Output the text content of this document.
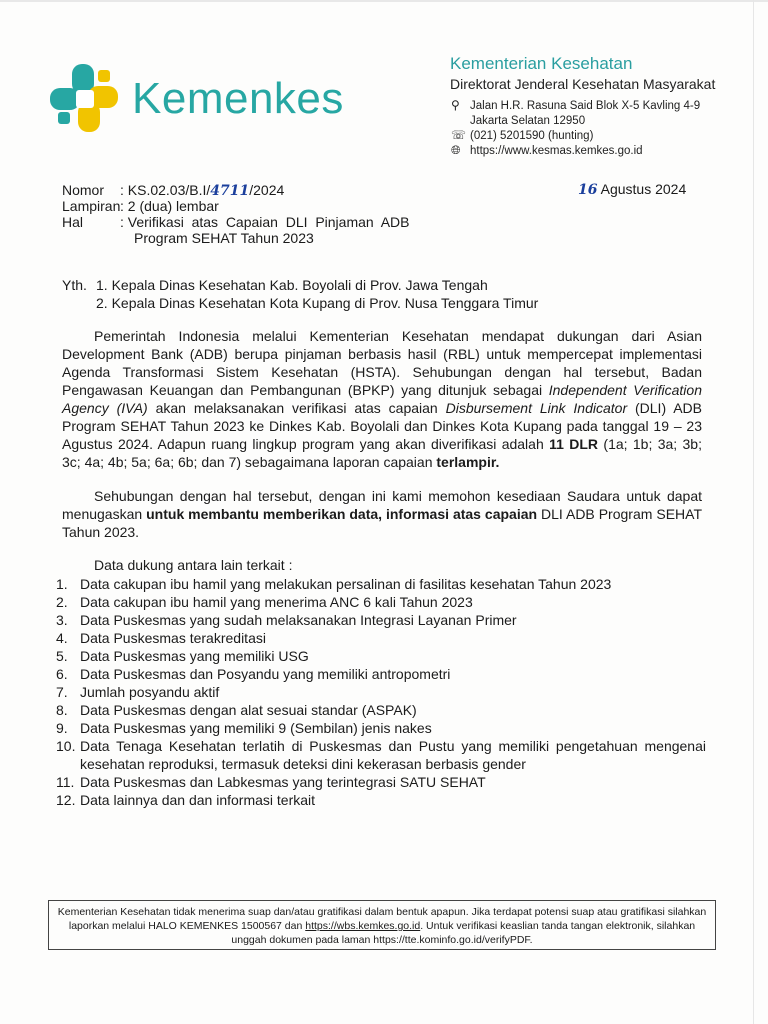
Kemenkes
Kementerian Kesehatan
Direktorat Jenderal Kesehatan Masyarakat
⚲ Jalan H.R. Rasuna Said Blok X-5 Kavling 4-9
Jakarta Selatan 12950
☏ (021) 5201590 (hunting)
🌐︎ https://www.kesmas.kemkes.go.id
Nomor : KS.02.03/B.I/4711/2024	16 Agustus 2024
Lampiran : 2 (dua) lembar
Hal	: Verifikasi  atas  Capaian  DLI  Pinjaman  ADB
Program SEHAT Tahun 2023
Yth. 1. Kepala Dinas Kesehatan Kab. Boyolali di Prov. Jawa Tengah
2. Kepala Dinas Kesehatan Kota Kupang di Prov. Nusa Tenggara Timur
Pemerintah Indonesia melalui Kementerian Kesehatan mendapat dukungan dari Asian Development Bank (ADB) berupa pinjaman berbasis hasil (RBL) untuk mempercepat implementasi Agenda Transformasi Sistem Kesehatan (HSTA). Sehubungan dengan hal tersebut, Badan Pengawasan Keuangan dan Pembangunan (BPKP) yang ditunjuk sebagai Independent Verification Agency (IVA) akan melaksanakan verifikasi atas capaian Disbursement Link Indicator (DLI) ADB Program SEHAT Tahun 2023 ke Dinkes Kab. Boyolali dan Dinkes Kota Kupang pada tanggal 19 – 23 Agustus 2024. Adapun ruang lingkup program yang akan diverifikasi adalah 11 DLR (1a; 1b; 3a; 3b; 3c; 4a; 4b; 5a; 6a; 6b; dan 7) sebagaimana laporan capaian terlampir.
Sehubungan dengan hal tersebut, dengan ini kami memohon kesediaan Saudara untuk dapat menugaskan untuk membantu memberikan data, informasi atas capaian DLI ADB Program SEHAT Tahun 2023.
Data dukung antara lain terkait :
1. Data cakupan ibu hamil yang melakukan persalinan di fasilitas kesehatan Tahun 2023
2. Data cakupan ibu hamil yang menerima ANC 6 kali Tahun 2023
3. Data Puskesmas yang sudah melaksanakan Integrasi Layanan Primer
4. Data Puskesmas terakreditasi
5. Data Puskesmas yang memiliki USG
6. Data Puskesmas dan Posyandu yang memiliki antropometri
7. Jumlah posyandu aktif
8. Data Puskesmas dengan alat sesuai standar (ASPAK)
9. Data Puskesmas yang memiliki 9 (Sembilan) jenis nakes
10. Data Tenaga Kesehatan terlatih di Puskesmas dan Pustu yang memiliki pengetahuan mengenai kesehatan reproduksi, termasuk deteksi dini kekerasan berbasis gender
11. Data Puskesmas dan Labkesmas yang terintegrasi SATU SEHAT
12. Data lainnya dan dan informasi terkait
Kementerian Kesehatan tidak menerima suap dan/atau gratifikasi dalam bentuk apapun. Jika terdapat potensi suap atau gratifikasi silahkan laporkan melalui HALO KEMENKES 1500567 dan https://wbs.kemkes.go.id. Untuk verifikasi keaslian tanda tangan elektronik, silahkan unggah dokumen pada laman https://tte.kominfo.go.id/verifyPDF.
